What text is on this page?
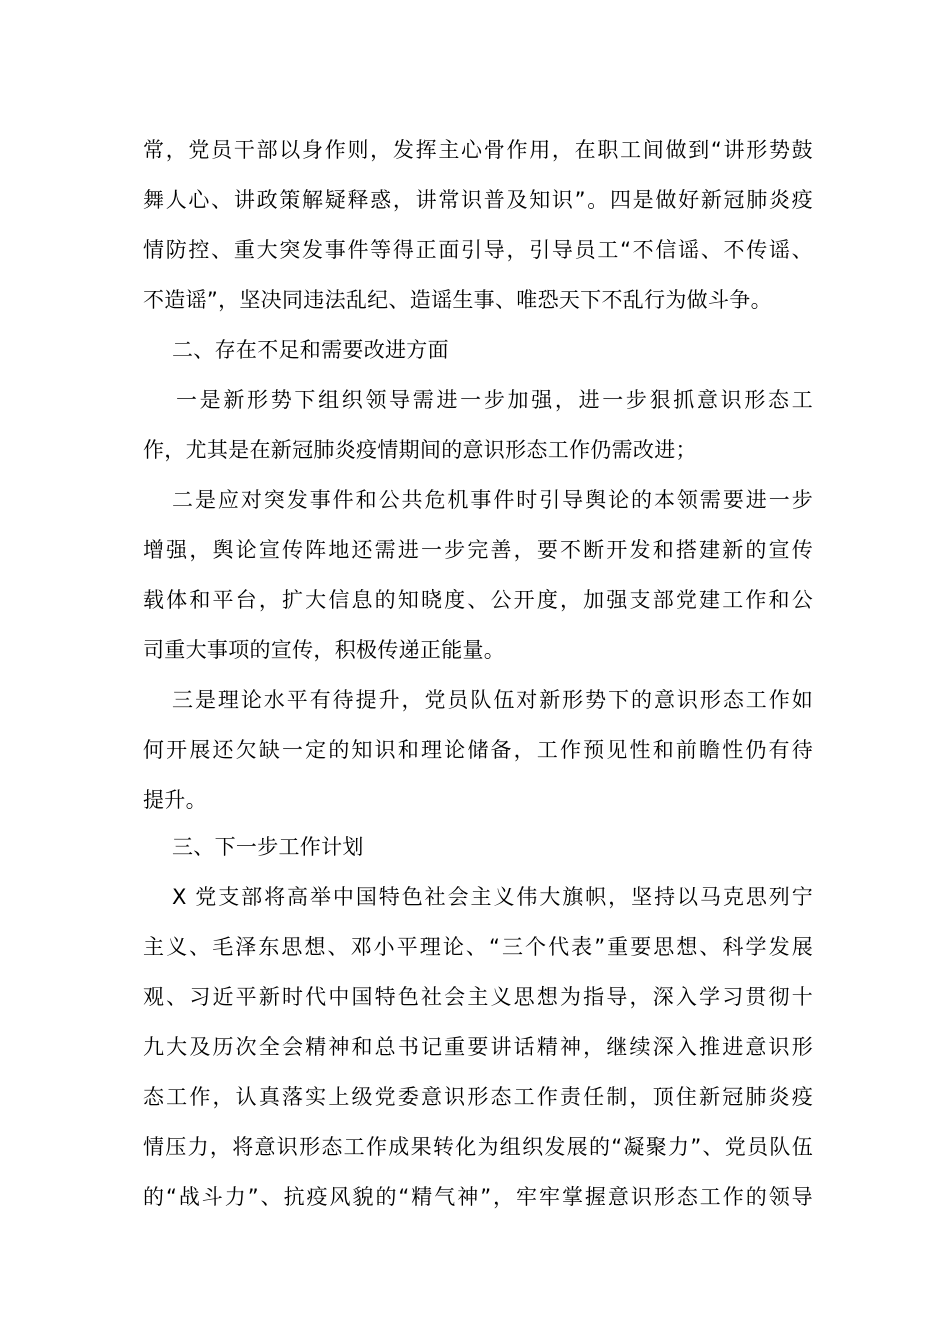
常，党员干部以身作则，发挥主心骨作用，在职工间做到“讲形势鼓
舞人心、讲政策解疑释惑，讲常识普及知识”。四是做好新冠肺炎疫
情防控、重大突发事件等得正面引导，引导员工“不信谣、不传谣、
不造谣”，坚决同违法乱纪、造谣生事、唯恐天下不乱行为做斗争。
二、存在不足和需要改进方面
一是新形势下组织领导需进一步加强，进一步狠抓意识形态工
作，尤其是在新冠肺炎疫情期间的意识形态工作仍需改进；
二是应对突发事件和公共危机事件时引导舆论的本领需要进一步
增强，舆论宣传阵地还需进一步完善，要不断开发和搭建新的宣传
载体和平台，扩大信息的知晓度、公开度，加强支部党建工作和公
司重大事项的宣传，积极传递正能量。
三是理论水平有待提升，党员队伍对新形势下的意识形态工作如
何开展还欠缺一定的知识和理论储备，工作预见性和前瞻性仍有待
提升。
三、下一步工作计划
X 党支部将高举中国特色社会主义伟大旗帜，坚持以马克思列宁
主义、毛泽东思想、邓小平理论、“三个代表”重要思想、科学发展
观、习近平新时代中国特色社会主义思想为指导，深入学习贯彻十
九大及历次全会精神和总书记重要讲话精神，继续深入推进意识形
态工作，认真落实上级党委意识形态工作责任制，顶住新冠肺炎疫
情压力，将意识形态工作成果转化为组织发展的“凝聚力”、党员队伍
的“战斗力”、抗疫风貌的“精气神”，牢牢掌握意识形态工作的领导
